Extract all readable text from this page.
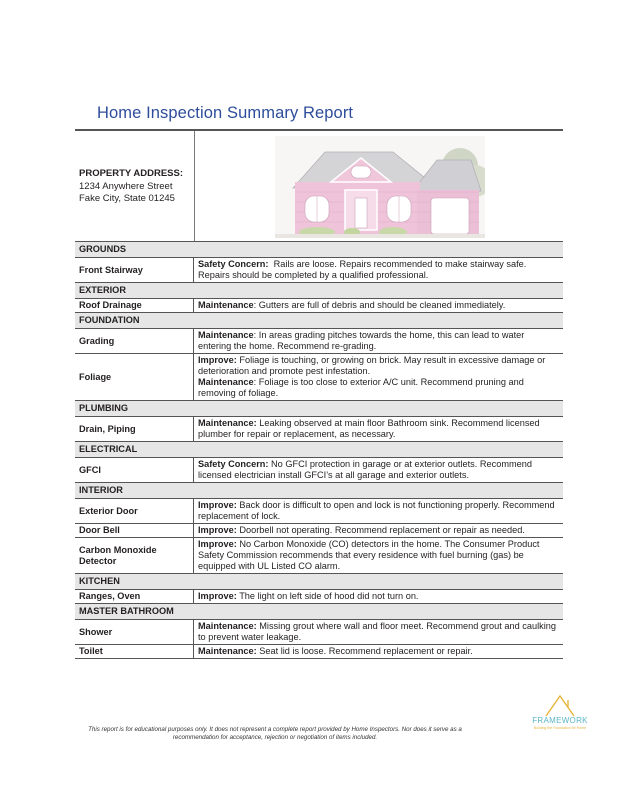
Home Inspection Summary Report
PROPERTY ADDRESS:
1234 Anywhere Street
Fake City, State 01245
GROUNDS	
Front Stairway	Safety Concern:  Rails are loose. Repairs recommended to make stairway safe. Repairs should be completed by a qualified professional.

EXTERIOR	
Roof Drainage	Maintenance: Gutters are full of debris and should be cleaned immediately.

FOUNDATION	
Grading	Maintenance: In areas grading pitches towards the home, this can lead to water entering the home. Recommend re-grading.

Foliage	Improve: Foliage is touching, or growing on brick. May result in excessive damage or deterioration and promote pest infestation.
Maintenance: Foliage is too close to exterior A/C unit. Recommend pruning and removing of foliage.

PLUMBING	
Drain, Piping	Maintenance: Leaking observed at main floor Bathroom sink. Recommend licensed plumber for repair or replacement, as necessary.

ELECTRICAL	
GFCI	Safety Concern: No GFCI protection in garage or at exterior outlets. Recommend licensed electrician install GFCI’s at all garage and exterior outlets.

INTERIOR	
Exterior Door	Improve: Back door is difficult to open and lock is not functioning properly. Recommend replacement of lock.

Door Bell	Improve: Doorbell not operating. Recommend replacement or repair as needed.

Carbon Monoxide Detector	Improve: No Carbon Monoxide (CO) detectors in the home. The Consumer Product Safety Commission recommends that every residence with fuel burning (gas) be equipped with UL Listed CO alarm.

KITCHEN	
Ranges, Oven	Improve: The light on left side of hood did not turn on.

MASTER BATHROOM	
Shower	Maintenance: Missing grout where wall and floor meet. Recommend grout and caulking to prevent water leakage.

Toilet	Maintenance: Seat lid is loose. Recommend replacement or repair.
This report is for educational purposes only. It does not represent a complete report provided by Home Inspectors. Nor does it serve as a
recommendation for acceptance, rejection or negotiation of items included.
FRAMEWORK
Building the Foundation for Home
